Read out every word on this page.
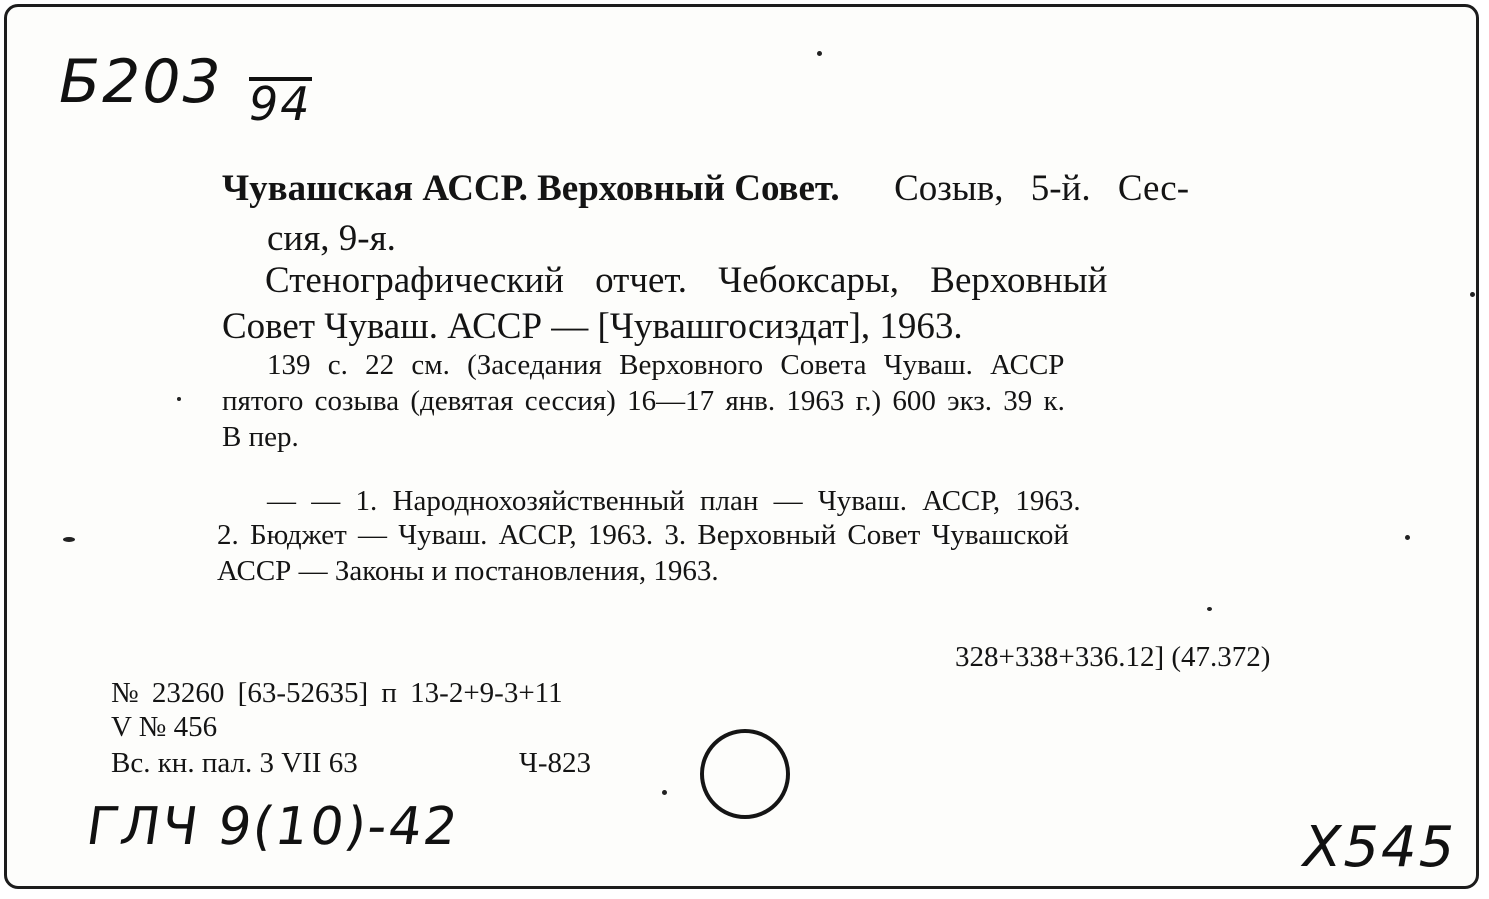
Б203 94
Чувашская АССР. Верховный Совет. Созыв, 5-й. Сес-
сия, 9-я.
Стенографический отчет. Чебоксары, Верховный
Совет Чуваш. АССР — [Чувашгосиздат], 1963.
139 с. 22 см. (Заседания Верховного Совета Чуваш. АССР
пятого созыва (девятая сессия) 16—17 янв. 1963 г.) 600 экз. 39 к.
В пер.
— — 1. Народнохозяйственный план — Чуваш. АССР, 1963.
2. Бюджет — Чуваш. АССР, 1963. 3. Верховный Совет Чувашской
АССР — Законы и постановления, 1963.
328+338+336.12] (47.372)
№ 23260 [63-52635] п 13-2+9-3+11
V № 456
Вс. кн. пал. 3 VII 63	Ч-823
ГЛЧ 9(10)-42	X545
